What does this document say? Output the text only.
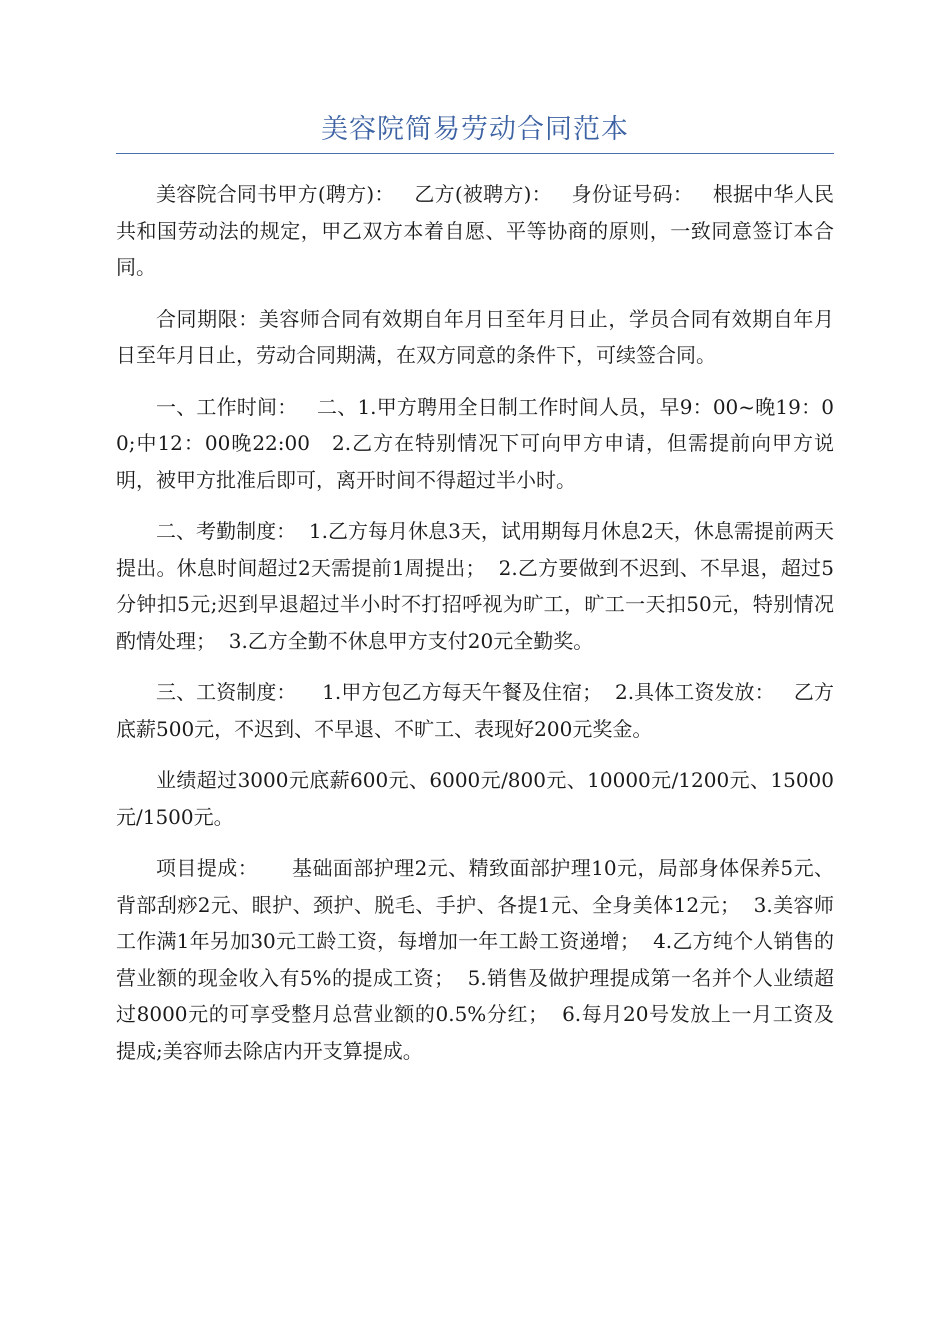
美容院简易劳动合同范本

美容院合同书甲方(聘方)：   乙方(被聘方)：   身份证号码：   根据中华人民共和国劳动法的规定，甲乙双方本着自愿、平等协商的原则，一致同意签订本合同。

合同期限：美容师合同有效期自年月日至年月日止，学员合同有效期自年月日至年月日止，劳动合同期满，在双方同意的条件下，可续签合同。

一、工作时间：   二、1.甲方聘用全日制工作时间人员，早9：00~晚19：00;中12：00晚22:00   2.乙方在特别情况下可向甲方申请，但需提前向甲方说明，被甲方批准后即可，离开时间不得超过半小时。

二、考勤制度：  1.乙方每月休息3天，试用期每月休息2天，休息需提前两天提出。休息时间超过2天需提前1周提出；  2.乙方要做到不迟到、不早退，超过5分钟扣5元;迟到早退超过半小时不打招呼视为旷工，旷工一天扣50元，特别情况酌情处理；  3.乙方全勤不休息甲方支付20元全勤奖。

三、工资制度：    1.甲方包乙方每天午餐及住宿；  2.具体工资发放：   乙方底薪500元，不迟到、不早退、不旷工、表现好200元奖金。

业绩超过3000元底薪600元、6000元/800元、10000元/1200元、15000元/1500元。

项目提成：     基础面部护理2元、精致面部护理10元，局部身体保养5元、背部刮痧2元、眼护、颈护、脱毛、手护、各提1元、全身美体12元；  3.美容师工作满1年另加30元工龄工资，每增加一年工龄工资递增；  4.乙方纯个人销售的营业额的现金收入有5%的提成工资；  5.销售及做护理提成第一名并个人业绩超过8000元的可享受整月总营业额的0.5%分红；  6.每月20号发放上一月工资及提成;美容师去除店内开支算提成。
